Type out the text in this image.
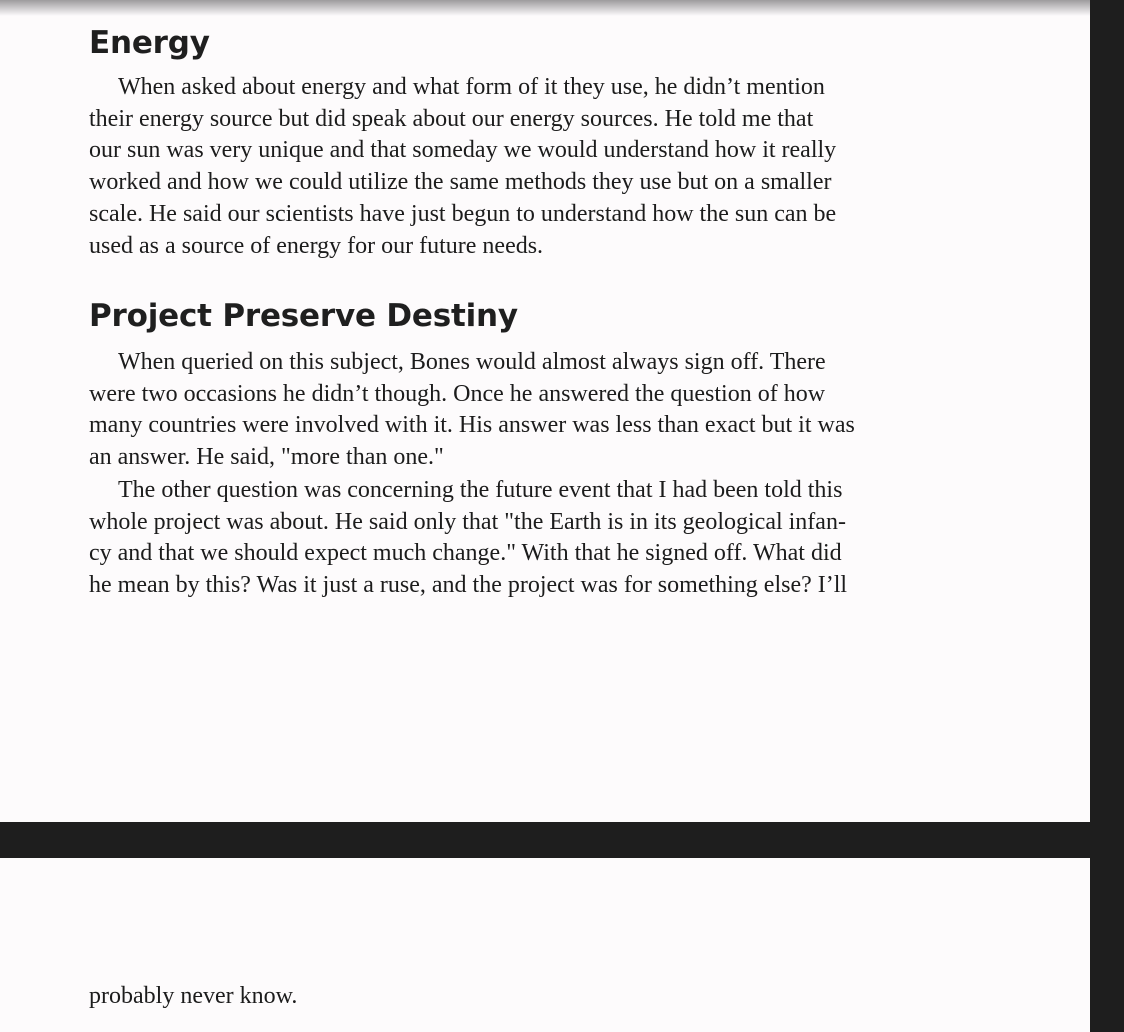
Energy

When asked about energy and what form of it they use, he didn’t mention
their energy source but did speak about our energy sources. He told me that
our sun was very unique and that someday we would understand how it really
worked and how we could utilize the same methods they use but on a smaller
scale. He said our scientists have just begun to understand how the sun can be
used as a source of energy for our future needs.

Project Preserve Destiny

When queried on this subject, Bones would almost always sign off. There
were two occasions he didn’t though. Once he answered the question of how
many countries were involved with it. His answer was less than exact but it was
an answer. He said, "more than one."

The other question was concerning the future event that I had been told this
whole project was about. He said only that "the Earth is in its geological infan-
cy and that we should expect much change." With that he signed off. What did
he mean by this? Was it just a ruse, and the project was for something else? I’ll

probably never know.
